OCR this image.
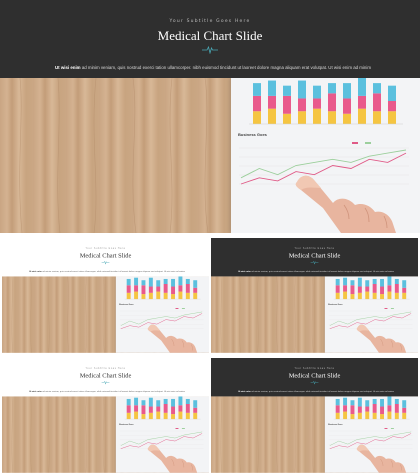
Your Subtitle Goes Here
Medical Chart Slide
Ut wisi enim ad minim veniam, quis nostrud exerci tation ullamcorper. nibh euismod tincidunt ut laoreet dolore magna aliquam erat volutpat. Ut wisi enim ad minim
Business Goes
Your Subtitle Goes Here
Medical Chart Slide
Ut wisi enim ad minim veniam, quis nostrud exerci tation ullamcorper. nibh euismod tincidunt ut laoreet dolore magna aliquam erat volutpat. Ut wisi enim ad minim
Business Goes
Your Subtitle Goes Here
Medical Chart Slide
Ut wisi enim ad minim veniam, quis nostrud exerci tation ullamcorper. nibh euismod tincidunt ut laoreet dolore magna aliquam erat volutpat. Ut wisi enim ad minim
Business Goes
Your Subtitle Goes Here
Medical Chart Slide
Ut wisi enim ad minim veniam, quis nostrud exerci tation ullamcorper. nibh euismod tincidunt ut laoreet dolore magna aliquam erat volutpat. Ut wisi enim ad minim
Business Goes
Your Subtitle Goes Here
Medical Chart Slide
Ut wisi enim ad minim veniam, quis nostrud exerci tation ullamcorper. nibh euismod tincidunt ut laoreet dolore magna aliquam erat volutpat. Ut wisi enim ad minim
Business Goes
